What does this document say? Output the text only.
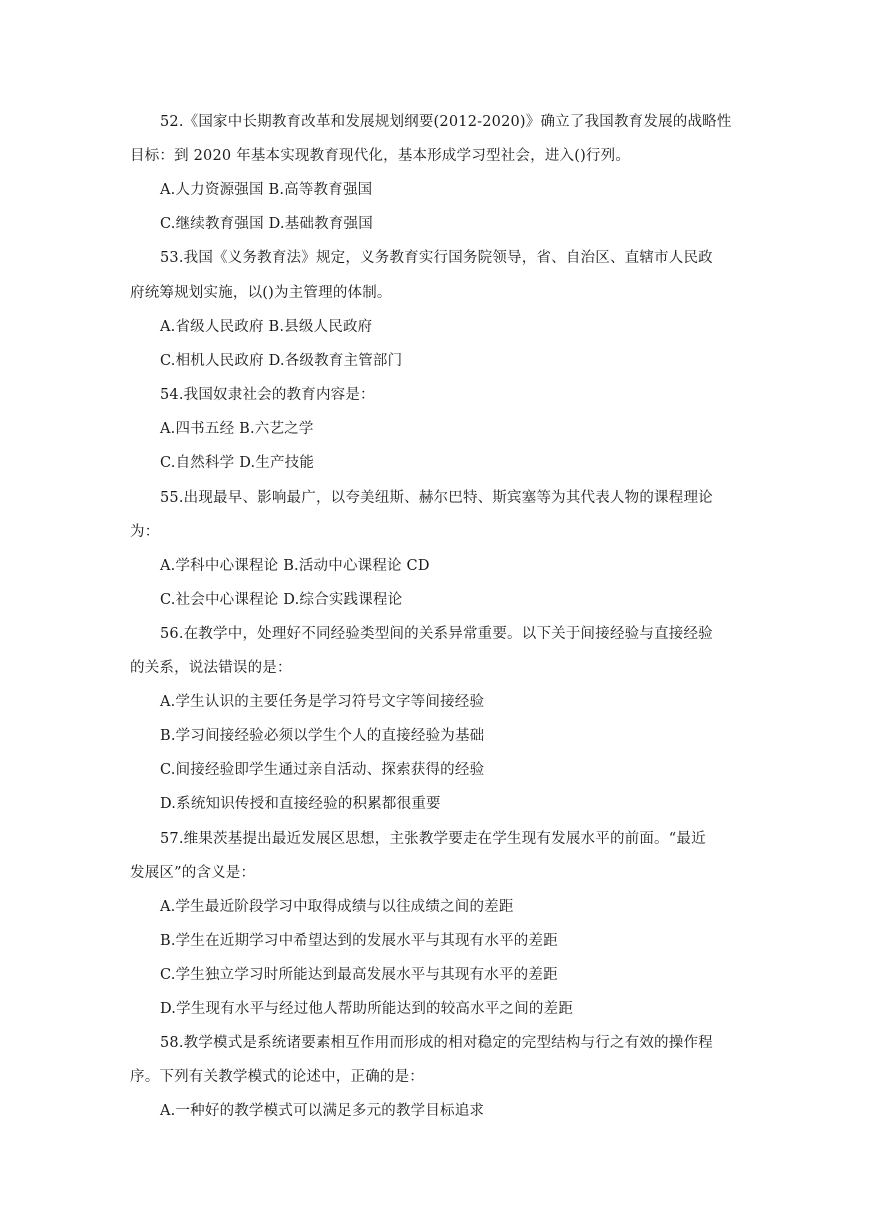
52.《国家中长期教育改革和发展规划纲要(2012-2020)》确立了我国教育发展的战略性
目标：到 2020 年基本实现教育现代化，基本形成学习型社会，进入()行列。
A.人力资源强国 B.高等教育强国
C.继续教育强国 D.基础教育强国
53.我国《义务教育法》规定，义务教育实行国务院领导，省、自治区、直辖市人民政
府统筹规划实施，以()为主管理的体制。
A.省级人民政府 B.县级人民政府
C.相机人民政府 D.各级教育主管部门
54.我国奴隶社会的教育内容是：
A.四书五经 B.六艺之学
C.自然科学 D.生产技能
55.出现最早、影响最广，以夸美纽斯、赫尔巴特、斯宾塞等为其代表人物的课程理论
为：
A.学科中心课程论 B.活动中心课程论 CD
C.社会中心课程论 D.综合实践课程论
56.在教学中，处理好不同经验类型间的关系异常重要。以下关于间接经验与直接经验
的关系，说法错误的是：
A.学生认识的主要任务是学习符号文字等间接经验
B.学习间接经验必须以学生个人的直接经验为基础
C.间接经验即学生通过亲自活动、探索获得的经验
D.系统知识传授和直接经验的积累都很重要
57.维果茨基提出最近发展区思想，主张教学要走在学生现有发展水平的前面。“最近
发展区”的含义是：
A.学生最近阶段学习中取得成绩与以往成绩之间的差距
B.学生在近期学习中希望达到的发展水平与其现有水平的差距
C.学生独立学习时所能达到最高发展水平与其现有水平的差距
D.学生现有水平与经过他人帮助所能达到的较高水平之间的差距
58.教学模式是系统诸要素相互作用而形成的相对稳定的完型结构与行之有效的操作程
序。下列有关教学模式的论述中，正确的是：
A.一种好的教学模式可以满足多元的教学目标追求
